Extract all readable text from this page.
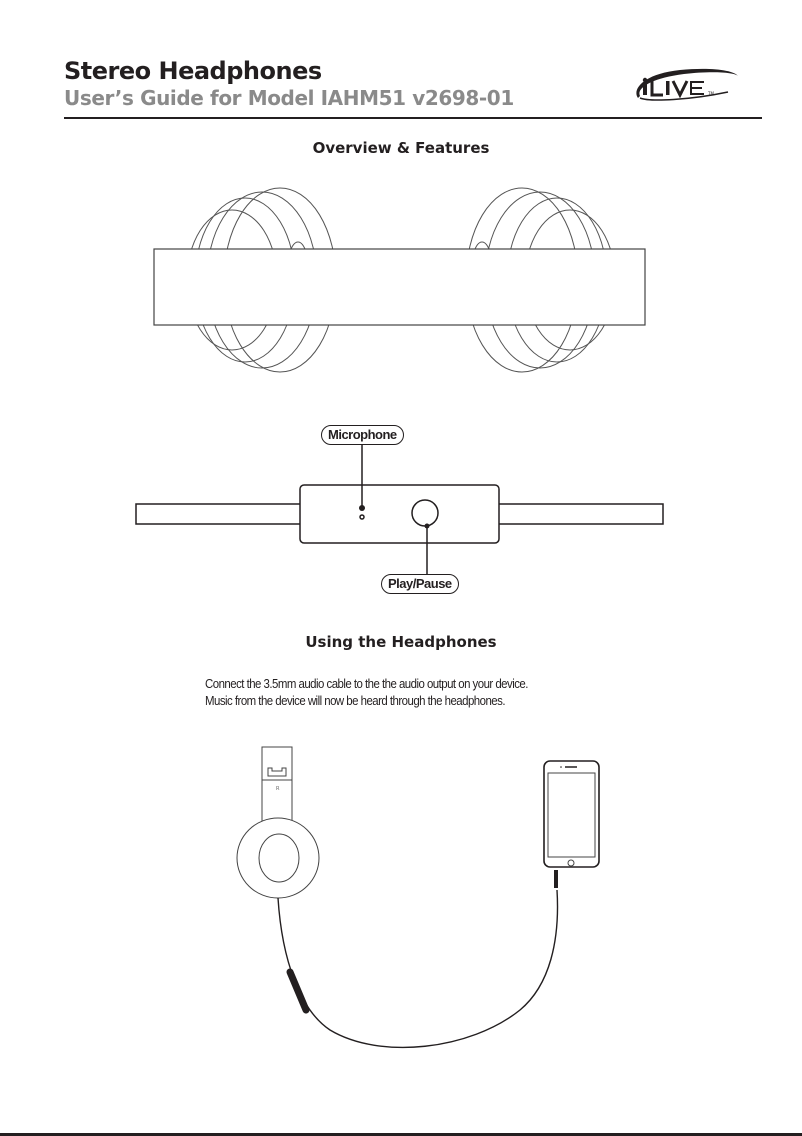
Stereo Headphones
User’s Guide for Model IAHM51 v2698-01	TM
Overview & Features
Microphone
Play/Pause
Using the Headphones
Connect the 3.5mm audio cable to the the audio output on your device.
Music from the device will now be heard through the headphones.
R
